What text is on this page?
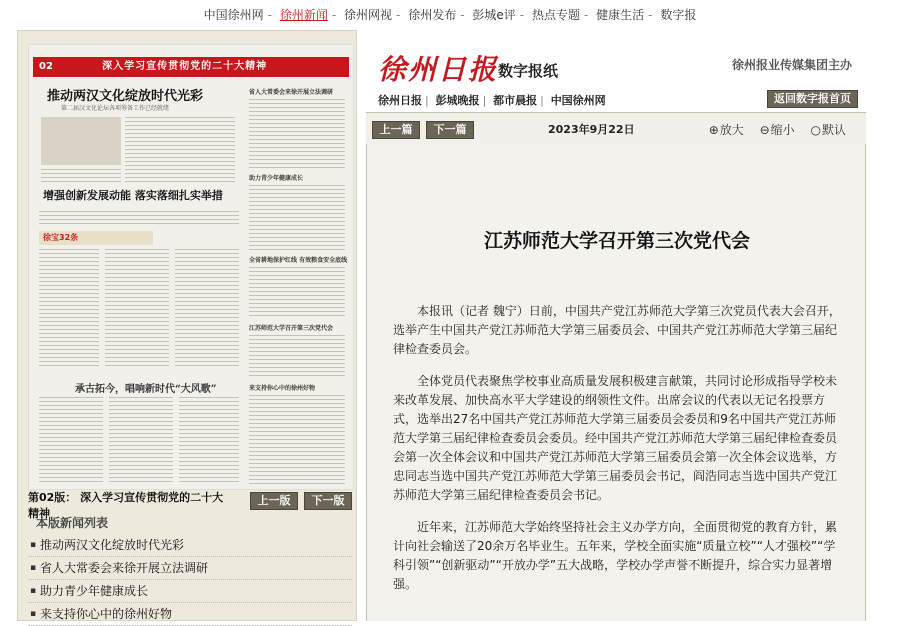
中国徐州网 - 徐州新闻 - 徐州网视 - 徐州发布 - 彭城e评 - 热点专题 - 健康生活 - 数字报
02	深入学习宣传贯彻党的二十大精神
推动两汉文化绽放时代光彩
第二届汉文化论坛各项筹备工作已经就绪
增强创新发展动能 落实落细扎实举措
徐宝32条
承古拓今，唱响新时代“大风歌”
省人大常委会来徐开展立法调研
助力青少年健康成长
全省耕地保护红线 有效粮食安全底线
江苏师范大学召开第三次党代会
来支持你心中的徐州好物
第02版： 深入学习宣传贯彻党的二十大精神
上一版	下一版
本版新闻列表
▪ 推动两汉文化绽放时代光彩
▪ 省人大常委会来徐开展立法调研
▪ 助力青少年健康成长
▪ 来支持你心中的徐州好物
徐州日报 数字报纸	徐州报业传媒集团主办
徐州日报 | 彭城晚报 | 都市晨报 | 中国徐州网	返回数字报首页
上一篇	下一篇	2023年9月22日	⊕放大 ⊖缩小 ○默认
江苏师范大学召开第三次党代会

本报讯（记者 魏宁）日前，中国共产党江苏师范大学第三次党员代表大会召开，选举产生中国共产党江苏师范大学第三届委员会、中国共产党江苏师范大学第三届纪律检查委员会。

全体党员代表聚焦学校事业高质量发展积极建言献策，共同讨论形成指导学校未来改革发展、加快高水平大学建设的纲领性文件。出席会议的代表以无记名投票方式，选举出27名中国共产党江苏师范大学第三届委员会委员和9名中国共产党江苏师范大学第三届纪律检查委员会委员。经中国共产党江苏师范大学第三届纪律检查委员会第一次全体会议和中国共产党江苏师范大学第三届委员会第一次全体会议选举，方忠同志当选中国共产党江苏师范大学第三届委员会书记，阎浩同志当选中国共产党江苏师范大学第三届纪律检查委员会书记。

近年来，江苏师范大学始终坚持社会主义办学方向，全面贯彻党的教育方针，累计向社会输送了20余万名毕业生。五年来，学校全面实施“质量立校”“人才强校”“学科引领”“创新驱动”“开放办学”五大战略，学校办学声誉不断提升，综合实力显著增强。
